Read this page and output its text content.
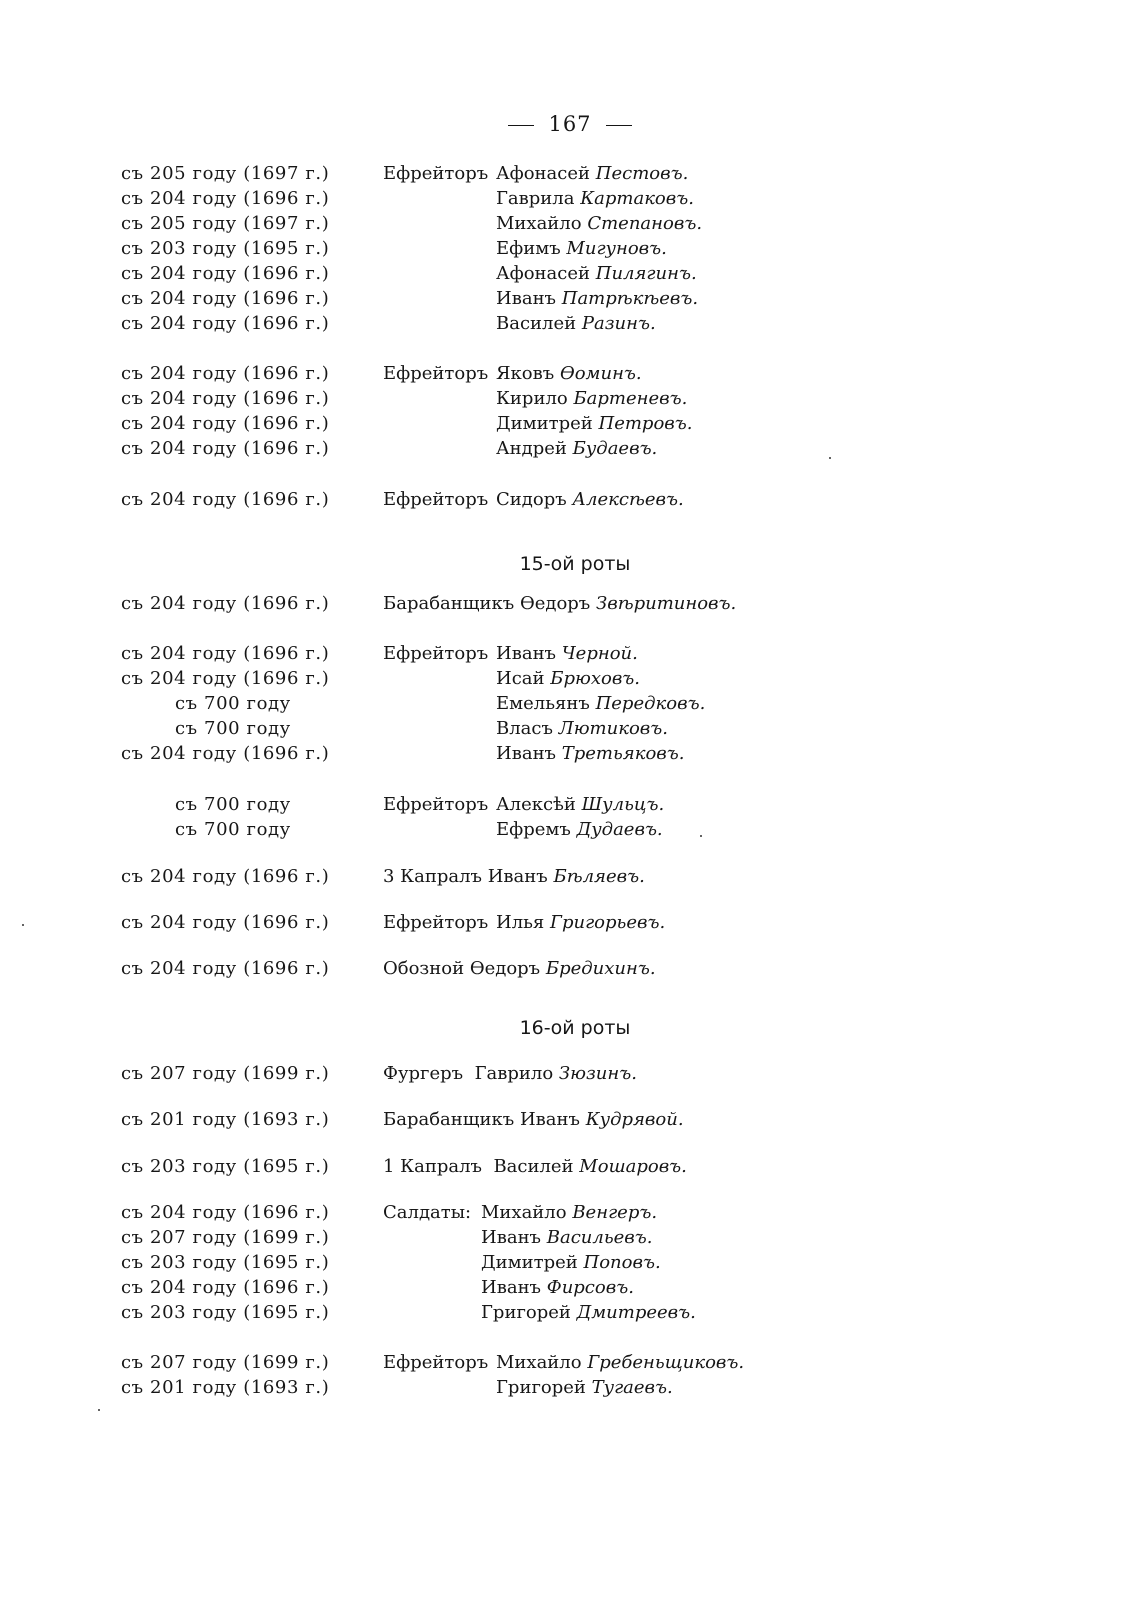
167
съ 205 году (1697 г.)	Ефрейторъ Афонасей Пестовъ.
съ 204 году (1696 г.)	Гаврила Картаковъ.
съ 205 году (1697 г.)	Михайло Степановъ.
съ 203 году (1695 г.)	Ефимъ Мигуновъ.
съ 204 году (1696 г.)	Афонасей Пилягинъ.
съ 204 году (1696 г.)	Иванъ Патрѣкѣевъ.
съ 204 году (1696 г.)	Василей Разинъ.
съ 204 году (1696 г.)	Ефрейторъ Яковъ Ѳоминъ.
съ 204 году (1696 г.)	Кирило Бартеневъ.
съ 204 году (1696 г.)	Димитрей Петровъ.
съ 204 году (1696 г.)	Андрей Будаевъ.
съ 204 году (1696 г.)	Ефрейторъ Сидоръ Алексѣевъ.
15-ой роты
съ 204 году (1696 г.)	Барабанщикъ Ѳедоръ Звѣритиновъ.
съ 204 году (1696 г.)	Ефрейторъ Иванъ Черной.
съ 204 году (1696 г.)	Исай Брюховъ.
съ 700 году	Емельянъ Передковъ.
съ 700 году	Власъ Лютиковъ.
съ 204 году (1696 г.)	Иванъ Третьяковъ.
съ 700 году	Ефрейторъ Алексѣй Шульцъ.
съ 700 году	Ефремъ Дудаевъ.
съ 204 году (1696 г.)	3 Капралъ Иванъ Бѣляевъ.
съ 204 году (1696 г.)	Ефрейторъ Илья Григорьевъ.
съ 204 году (1696 г.)	Обозной Ѳедоръ Бредихинъ.
16-ой роты
съ 207 году (1699 г.)	Фургеръ Гаврило Зюзинъ.
съ 201 году (1693 г.)	Барабанщикъ Иванъ Кудрявой.
съ 203 году (1695 г.)	1 Капралъ Василей Мошаровъ.
съ 204 году (1696 г.)	Салдаты: Михайло Венгеръ.
съ 207 году (1699 г.)	Иванъ Васильевъ.
съ 203 году (1695 г.)	Димитрей Поповъ.
съ 204 году (1696 г.)	Иванъ Фирсовъ.
съ 203 году (1695 г.)	Григорей Дмитреевъ.
съ 207 году (1699 г.)	Ефрейторъ Михайло Гребеньщиковъ.
съ 201 году (1693 г.)	Григорей Тугаевъ.
